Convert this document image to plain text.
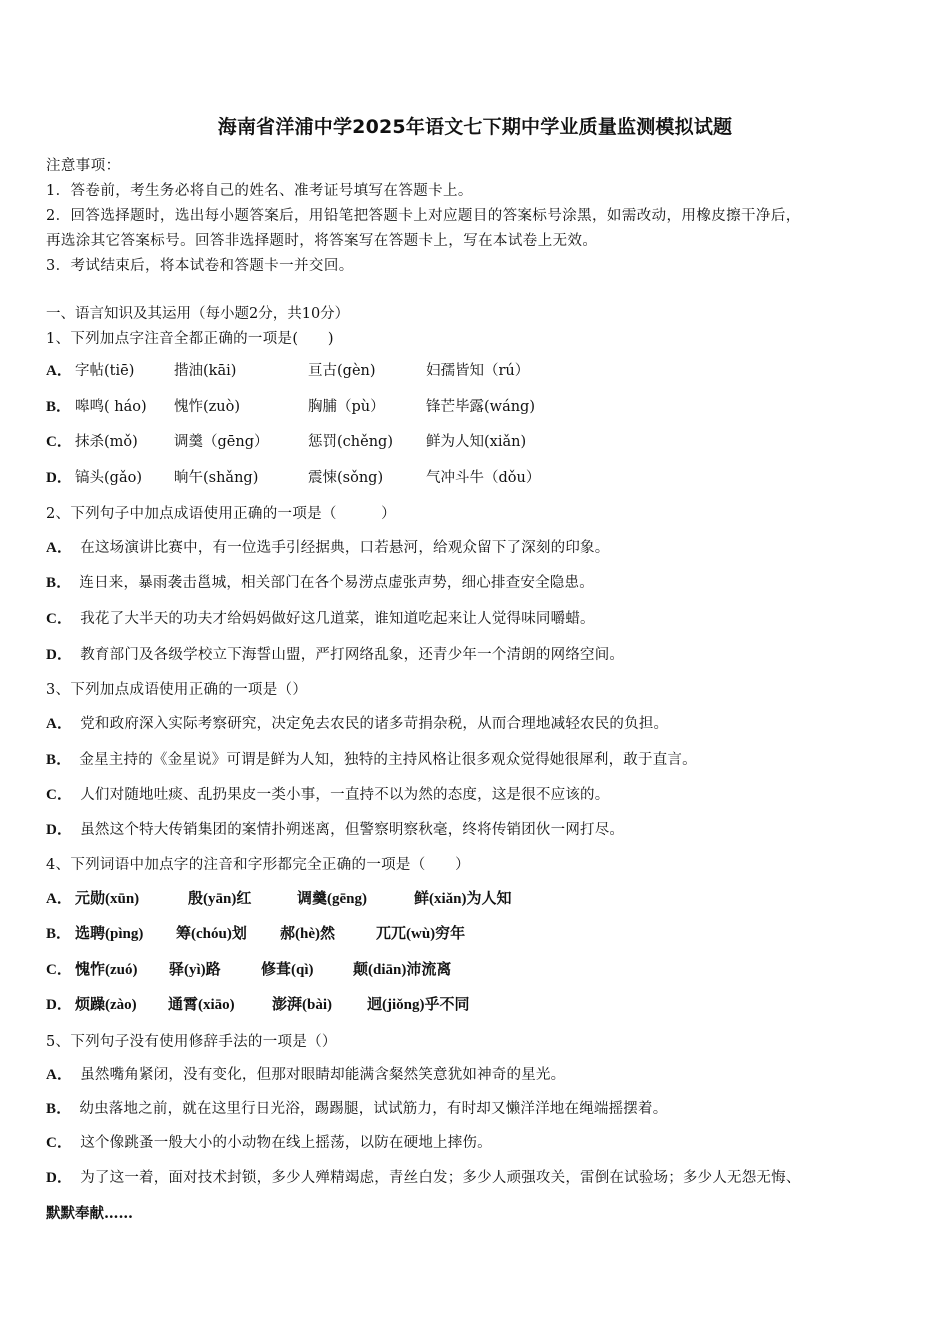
海南省洋浦中学2025年语文七下期中学业质量监测模拟试题
注意事项：
1．答卷前，考生务必将自己的姓名、准考证号填写在答题卡上。
2．回答选择题时，选出每小题答案后，用铅笔把答题卡上对应题目的答案标号涂黑，如需改动，用橡皮擦干净后，
再选涂其它答案标号。回答非选择题时，将答案写在答题卡上，写在本试卷上无效。
3．考试结束后，将本试卷和答题卡一并交回。
一、语言知识及其运用（每小题2分，共10分）
1、下列加点字注音全都正确的一项是(　　)
A． 字帖(tiē)	揩油(kāi)	亘古(gèn)	妇孺皆知（rú）
B． 嗥鸣( háo) 愧怍(zuò)	胸脯（pù）	锋芒毕露(wáng)
C． 抹杀(mǒ) 调羹（gēng）	惩罚(chěng) 鲜为人知(xiǎn)
D． 镐头(gǎo) 晌午(shǎng)	震悚(sǒng)	气冲斗牛（dǒu）
2、下列句子中加点成语使用正确的一项是（　　　）
A． 在这场演讲比赛中，有一位选手引经据典，口若悬河，给观众留下了深刻的印象。
B． 连日来，暴雨袭击邕城，相关部门在各个易涝点虚张声势，细心排查安全隐患。
C． 我花了大半天的功夫才给妈妈做好这几道菜，谁知道吃起来让人觉得味同嚼蜡。
D． 教育部门及各级学校立下海誓山盟，严打网络乱象，还青少年一个清朗的网络空间。
3、下列加点成语使用正确的一项是（）
A． 党和政府深入实际考察研究，决定免去农民的诸多苛捐杂税，从而合理地减轻农民的负担。
B． 金星主持的《金星说》可谓是鲜为人知，独特的主持风格让很多观众觉得她很犀利，敢于直言。
C． 人们对随地吐痰、乱扔果皮一类小事，一直持不以为然的态度，这是很不应该的。
D． 虽然这个特大传销集团的案情扑朔迷离，但警察明察秋毫，终将传销团伙一网打尽。
4、下列词语中加点字的注音和字形都完全正确的一项是（　　）
A． 元勋(xūn)	殷(yān)红	调羹(gēng)	鲜(xiǎn)为人知
B． 选聘(pìng) 筹(chóu)划 郝(hè)然	兀兀(wù)穷年
C． 愧怍(zuó) 驿(yì)路	修葺(qì)	颠(diān)沛流离
D． 烦躁(zào) 通霄(xiāo) 澎湃(bài) 迥(jiǒng)乎不同
5、下列句子没有使用修辞手法的一项是（）
A． 虽然嘴角紧闭，没有变化，但那对眼睛却能满含粲然笑意犹如神奇的星光。
B． 幼虫落地之前，就在这里行日光浴，踢踢腿，试试筋力，有时却又懒洋洋地在绳端摇摆着。
C． 这个像跳蚤一般大小的小动物在线上摇荡，以防在硬地上摔伤。
D． 为了这一着，面对技术封锁，多少人殚精竭虑，青丝白发；多少人顽强攻关，雷倒在试验场；多少人无怨无悔、
默默奉献……
